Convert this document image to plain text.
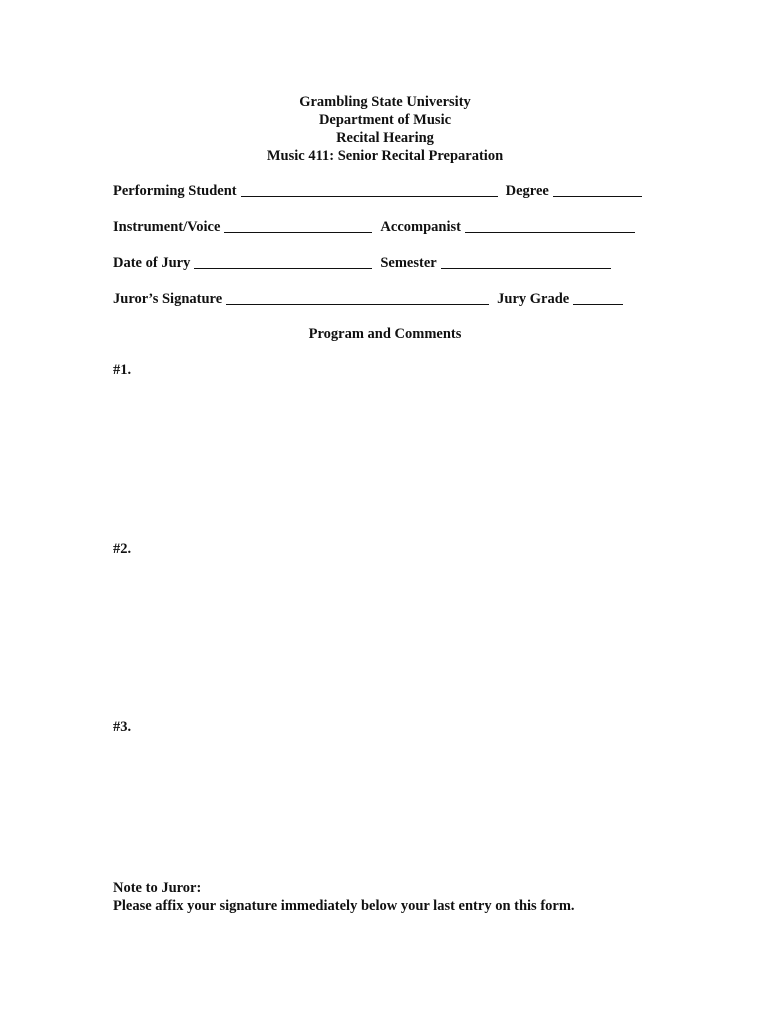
Grambling State University
Department of Music
Recital Hearing
Music 411: Senior Recital Preparation
Performing Student	Degree
Instrument/Voice	Accompanist
Date of Jury	Semester
Juror’s Signature	Jury Grade
Program and Comments
#1.
#2.
#3.
Note to Juror:
Please affix your signature immediately below your last entry on this form.
